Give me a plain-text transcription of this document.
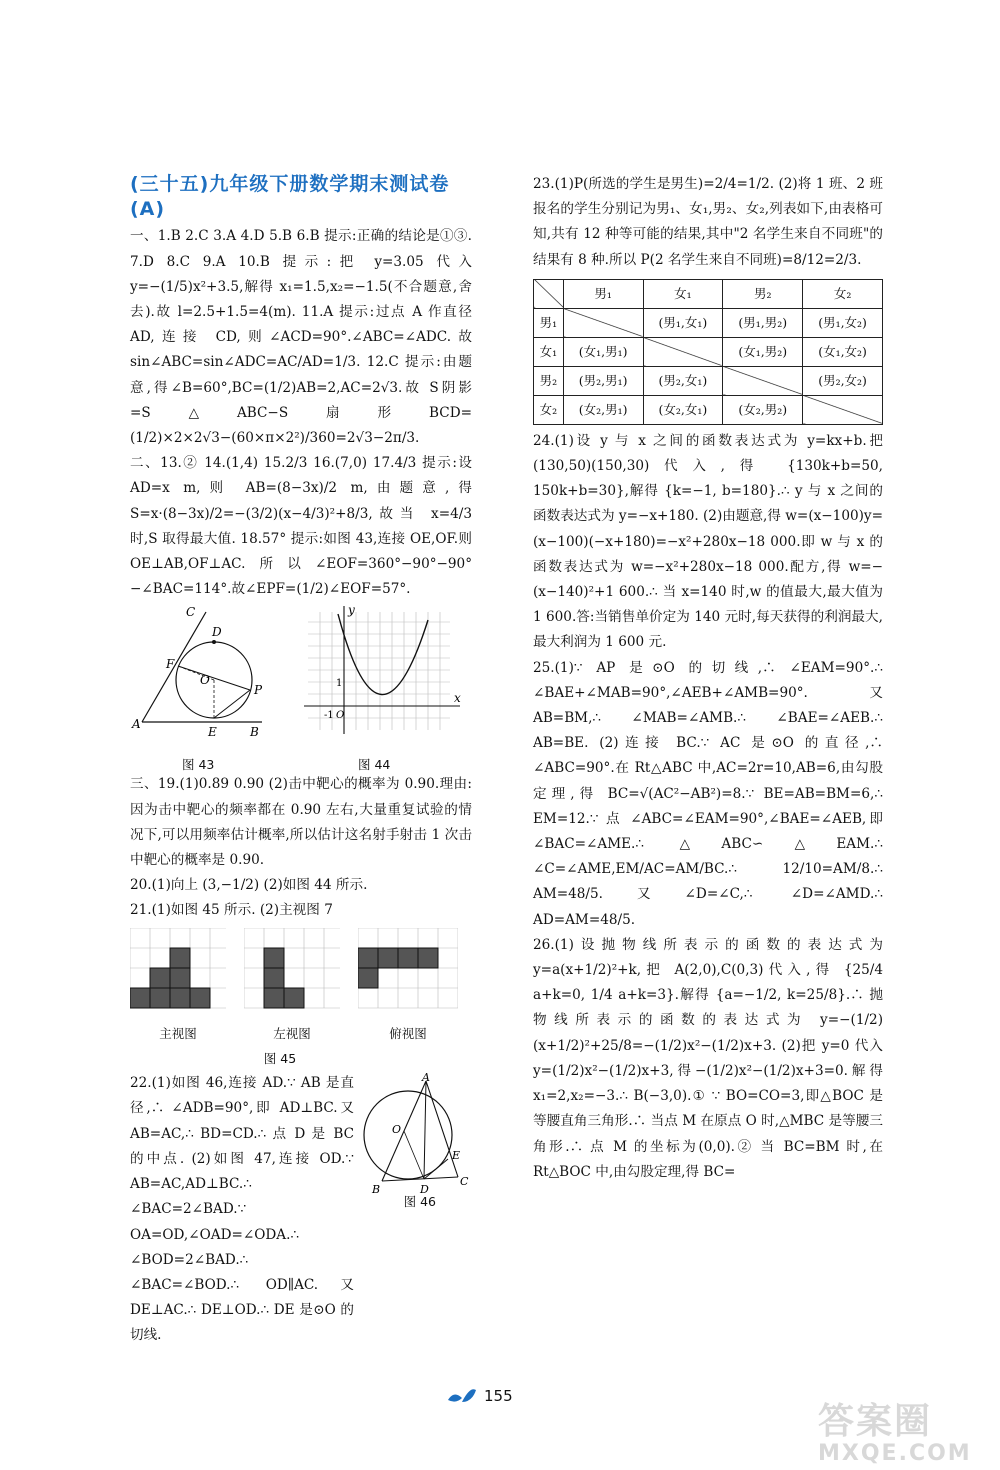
(三十五)九年级下册数学期末测试卷(A)

一、1.B 2.C 3.A 4.D 5.B 6.B 提示:正确的结论是①③. 7.D 8.C 9.A 10.B 提示:把 y=3.05 代入 y=−(1/5)x²+3.5,解得 x₁=1.5,x₂=−1.5(不合题意,舍去).故 l=2.5+1.5=4(m). 11.A 提示:过点 A 作直径 AD,连接 CD,则∠ACD=90°.∠ABC=∠ADC.故 sin∠ABC=sin∠ADC=AC/AD=1/3. 12.C 提示:由题意,得∠B=60°,BC=(1/2)AB=2,AC=2√3.故 S阴影=S△ABC−S扇形BCD=(1/2)×2×2√3−(60×π×2²)/360=2√3−2π/3.

二、13.② 14.(1,4) 15.2/3 16.(7,0) 17.4/3 提示:设 AD=x m,则 AB=(8−3x)/2 m,由题意,得 S=x·(8−3x)/2=−(3/2)(x−4/3)²+8/3,故当 x=4/3 时,S 取得最大值. 18.57° 提示:如图 43,连接 OE,OF.则 OE⊥AB,OF⊥AC.所以∠EOF=360°−90°−90°−∠BAC=114°.故∠EPF=(1/2)∠EOF=57°.

C
D
F
O
P
A
E	B
y
x
O
1
-1
图 43	图 44

三、19.(1)0.89 0.90 (2)击中靶心的概率为 0.90.理由:因为击中靶心的频率都在 0.90 左右,大量重复试验的情况下,可以用频率估计概率,所以估计这名射手射击 1 次击中靶心的概率是 0.90.

20.(1)向上 (3,−1/2) (2)如图 44 所示.

21.(1)如图 45 所示. (2)主视图 7

主视图	左视图	俯视图
图 45
A
O
D
E
B
C

22.(1)如图 46,连接 AD.∵ AB 是直径,∴ ∠ADB=90°,即 AD⊥BC.又 AB=AC,∴ BD=CD.∴ 点 D 是 BC 的中点. (2)如图 47,连接 OD.∵ AB=AC,AD⊥BC.∴ ∠BAC=2∠BAD.∵ OA=OD,∠OAD=∠ODA.∴ ∠BOD=2∠BAD.∴ ∠BAC=∠BOD.∴ OD∥AC.又 DE⊥AC.∴ DE⊥OD.∴ DE 是⊙O 的切线.

图 46

23.(1)P(所选的学生是男生)=2/4=1/2. (2)将 1 班、2 班报名的学生分别记为男₁、女₁,男₂、女₂,列表如下,由表格可知,共有 12 种等可能的结果,其中"2 名学生来自不同班"的结果有 8 种.所以 P(2 名学生来自不同班)=8/12=2/3.

	男₁	女₁	男₂	女₂
男₁		(男₁,女₁)	(男₁,男₂)	(男₁,女₂)
女₁	(女₁,男₁)		(女₁,男₂)	(女₁,女₂)
男₂	(男₂,男₁)	(男₂,女₁)		(男₂,女₂)
女₂	(女₂,男₁)	(女₂,女₁)	(女₂,男₂)	

24.(1)设 y 与 x 之间的函数表达式为 y=kx+b.把(130,50)(150,30)代入,得 {130k+b=50, 150k+b=30},解得 {k=−1, b=180}.∴ y 与 x 之间的函数表达式为 y=−x+180. (2)由题意,得 w=(x−100)y=(x−100)(−x+180)=−x²+280x−18 000.即 w 与 x 的函数表达式为 w=−x²+280x−18 000.配方,得 w=−(x−140)²+1 600.∴ 当 x=140 时,w 的值最大,最大值为 1 600.答:当销售单价定为 140 元时,每天获得的利润最大,最大利润为 1 600 元.

25.(1)∵ AP 是⊙O 的切线,∴ ∠EAM=90°.∴ ∠BAE+∠MAB=90°,∠AEB+∠AMB=90°.又 AB=BM,∴ ∠MAB=∠AMB.∴ ∠BAE=∠AEB.∴ AB=BE. (2)连接 BC.∵ AC 是⊙O 的直径,∴ ∠ABC=90°.在 Rt△ABC 中,AC=2r=10,AB=6,由勾股定理,得 BC=√(AC²−AB²)=8.∵ BE=AB=BM=6,∴ EM=12.∵ 点 ∠ABC=∠EAM=90°,∠BAE=∠AEB,即 ∠BAC=∠AME.∴ △ABC∽△EAM.∴ ∠C=∠AME,EM/AC=AM/BC.∴ 12/10=AM/8.∴ AM=48/5.又∠D=∠C,∴ ∠D=∠AMD.∴ AD=AM=48/5.

26.(1)设抛物线所表示的函数的表达式为 y=a(x+1/2)²+k,把 A(2,0),C(0,3)代入,得 {25/4 a+k=0, 1/4 a+k=3}.解得 {a=−1/2, k=25/8}.∴ 抛物线所表示的函数的表达式为 y=−(1/2)(x+1/2)²+25/8=−(1/2)x²−(1/2)x+3. (2)把 y=0 代入 y=(1/2)x²−(1/2)x+3,得−(1/2)x²−(1/2)x+3=0.解得 x₁=2,x₂=−3.∴ B(−3,0).① ∵ BO=CO=3,即△BOC 是等腰直角三角形.∴ 当点 M 在原点 O 时,△MBC 是等腰三角形.∴ 点 M 的坐标为(0,0).② 当 BC=BM 时,在 Rt△BOC 中,由勾股定理,得 BC=

155
答案圈
MXQE.COM
